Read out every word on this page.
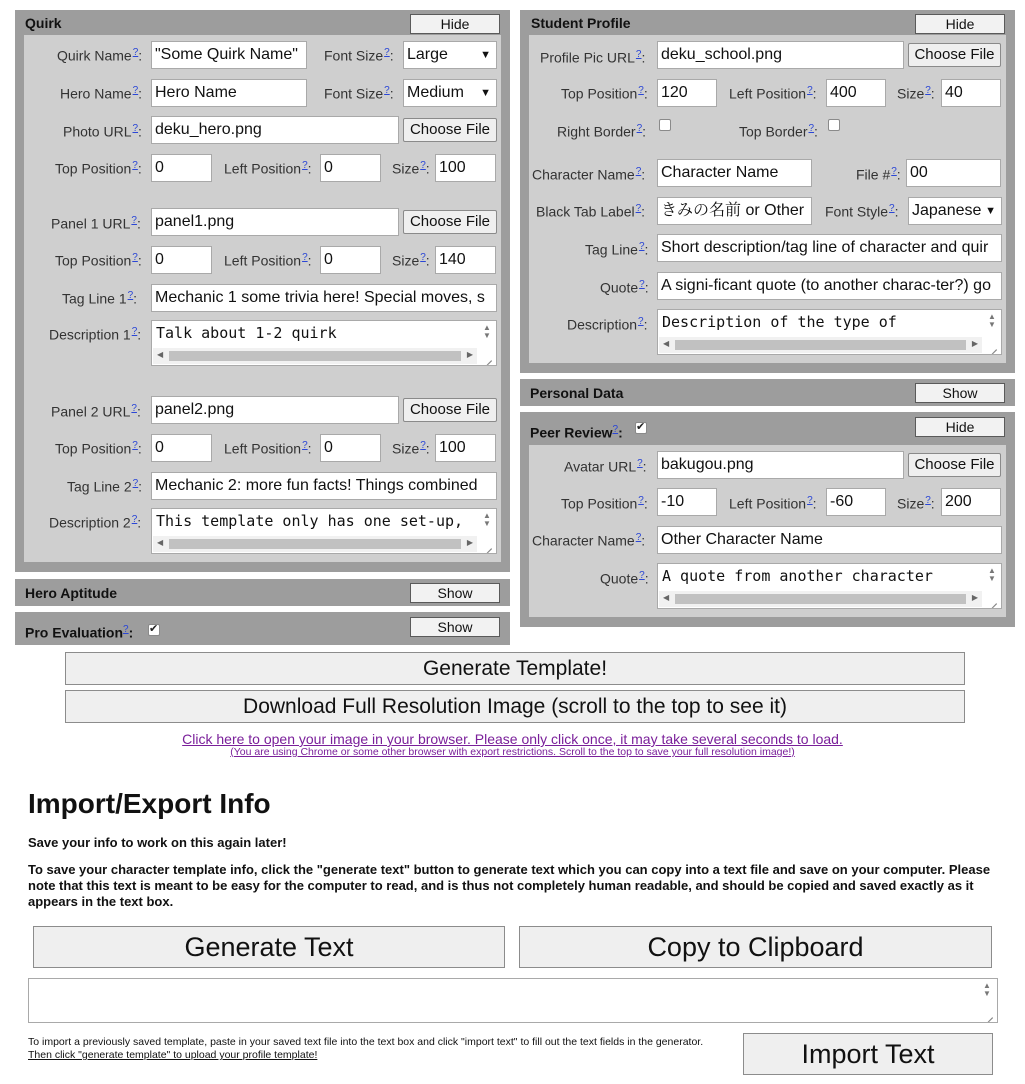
Quirk	Hide
Quirk Name?: "Some Quirk Name"	Font Size?: Large	▼
Hero Name?: Hero Name	Font Size?: Medium ▼
Photo URL?: deku_hero.png	Choose File
Top Position?: 0	Left Position?: 0	Size?: 100
Panel 1 URL?: panel1.png	Choose File
Top Position?: 0	Left Position?: 0	Size?: 140
Tag Line 1?: Mechanic 1 some trivia here! Special moves, s
Description 1?: Talk about 1-2 quirk	▲
▼
◀	▶
Panel 2 URL?: panel2.png	Choose File
Top Position?: 0	Left Position?: 0	Size?: 100
Tag Line 2?: Mechanic 2: more fun facts! Things combined
Description 2?: This template only has one set-up,	▲
▼
◀	▶
Hero Aptitude	Show
Pro Evaluation?: ✔	Show
Student Profile	Hide
Profile Pic URL?: deku_school.png	Choose File
Top Position?: 120	Left Position?: 400	Size?: 40
Right Border?:	Top Border?:
Character Name?: Character Name	File #?: 00
Black Tab Label?: きみの名前 or Other	Font Style?: Japanese ▼
Tag Line?: Short description/tag line of character and quir
Quote?: A signi-ficant quote (to another charac-ter?) go
Description?: Description of the type of	▲
▼
◀	▶
Personal Data	Show
Peer Review?: ✔	Hide
Avatar URL?: bakugou.png	Choose File
Top Position?: -10	Left Position?: -60	Size?: 200
Character Name?: Other Character Name
Quote?: A quote from another character	▲
▼
◀	▶
Generate Template!
Download Full Resolution Image (scroll to the top to see it)
Click here to open your image in your browser. Please only click once, it may take several seconds to load.
(You are using Chrome or some other browser with export restrictions. Scroll to the top to save your full resolution image!)
Import/Export Info
Save your info to work on this again later!
To save your character template info, click the "generate text" button to generate text which you can copy into a text file and save on your computer. Please note that this text is meant to be easy for the computer to read, and is thus not completely human readable, and should be copied and saved exactly as it appears in the text box.
Generate Text	Copy to Clipboard
▲
▼
To import a previously saved template, paste in your saved text file into the text box and click "import text" to fill out the text fields in the generator. Then click "generate template" to upload your profile template!	Import Text
